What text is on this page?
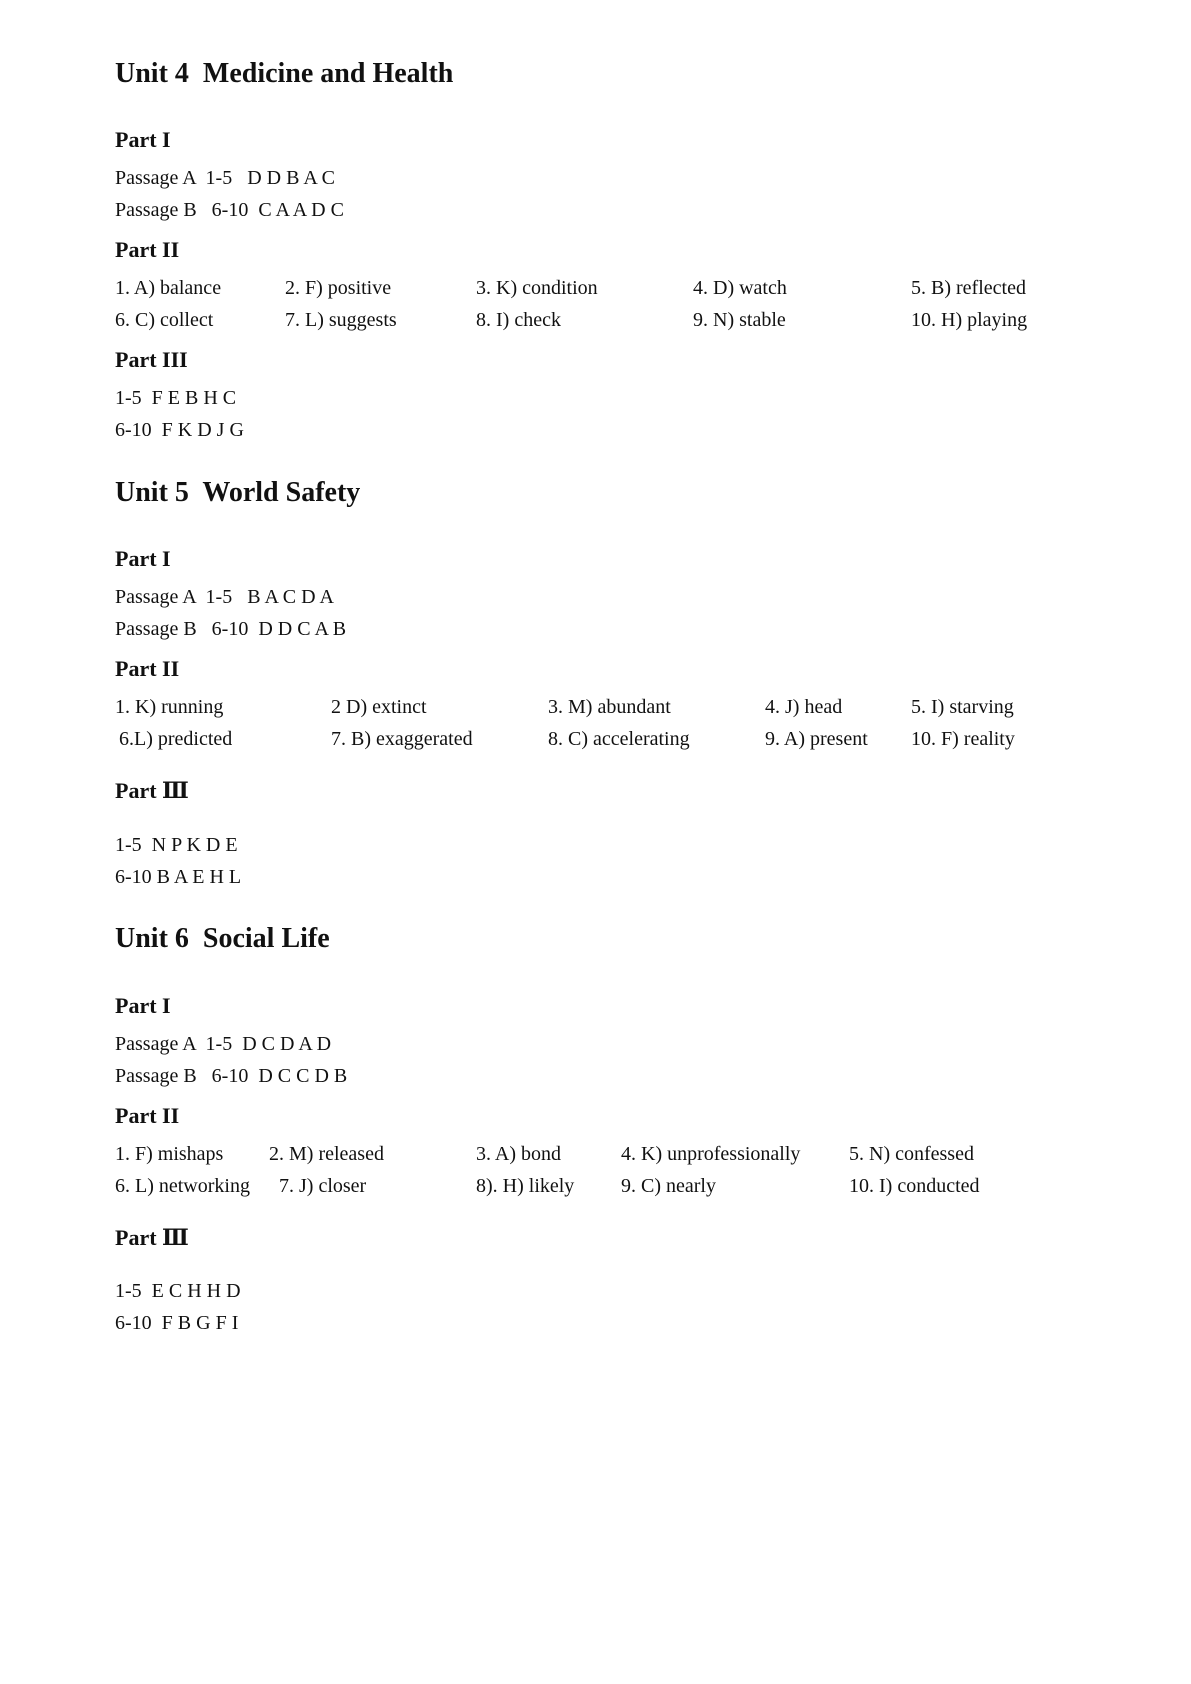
Unit 4  Medicine and Health
Part I
Passage A  1-5   D D B A C
Passage B   6-10  C A A D C
Part II
1. A) balance	2. F) positive	3. K) condition	4. D) watch	5. B) reflected
6. C) collect	7. L) suggests	8. I) check	9. N) stable	10. H) playing
Part III
1-5  F E B H C
6-10  F K D J G
Unit 5  World Safety
Part I
Passage A  1-5   B A C D A
Passage B   6-10  D D C A B
Part II
1. K) running	2 D) extinct	3. M) abundant	4. J) head	5. I) starving
6.L) predicted	7. B) exaggerated	8. C) accelerating	9. A) present 10. F) reality
Part Ⅲ
1-5  N P K D E
6-10 B A E H L
Unit 6  Social Life
Part I
Passage A  1-5  D C D A D
Passage B   6-10  D C C D B
Part II
1. F) mishaps 2. M) released	3. A) bond	4. K) unprofessionally 5. N) confessed
6. L) networking 7. J) closer	8). H) likely 9. C) nearly	10. I) conducted
Part Ⅲ
1-5  E C H H D
6-10  F B G F I
